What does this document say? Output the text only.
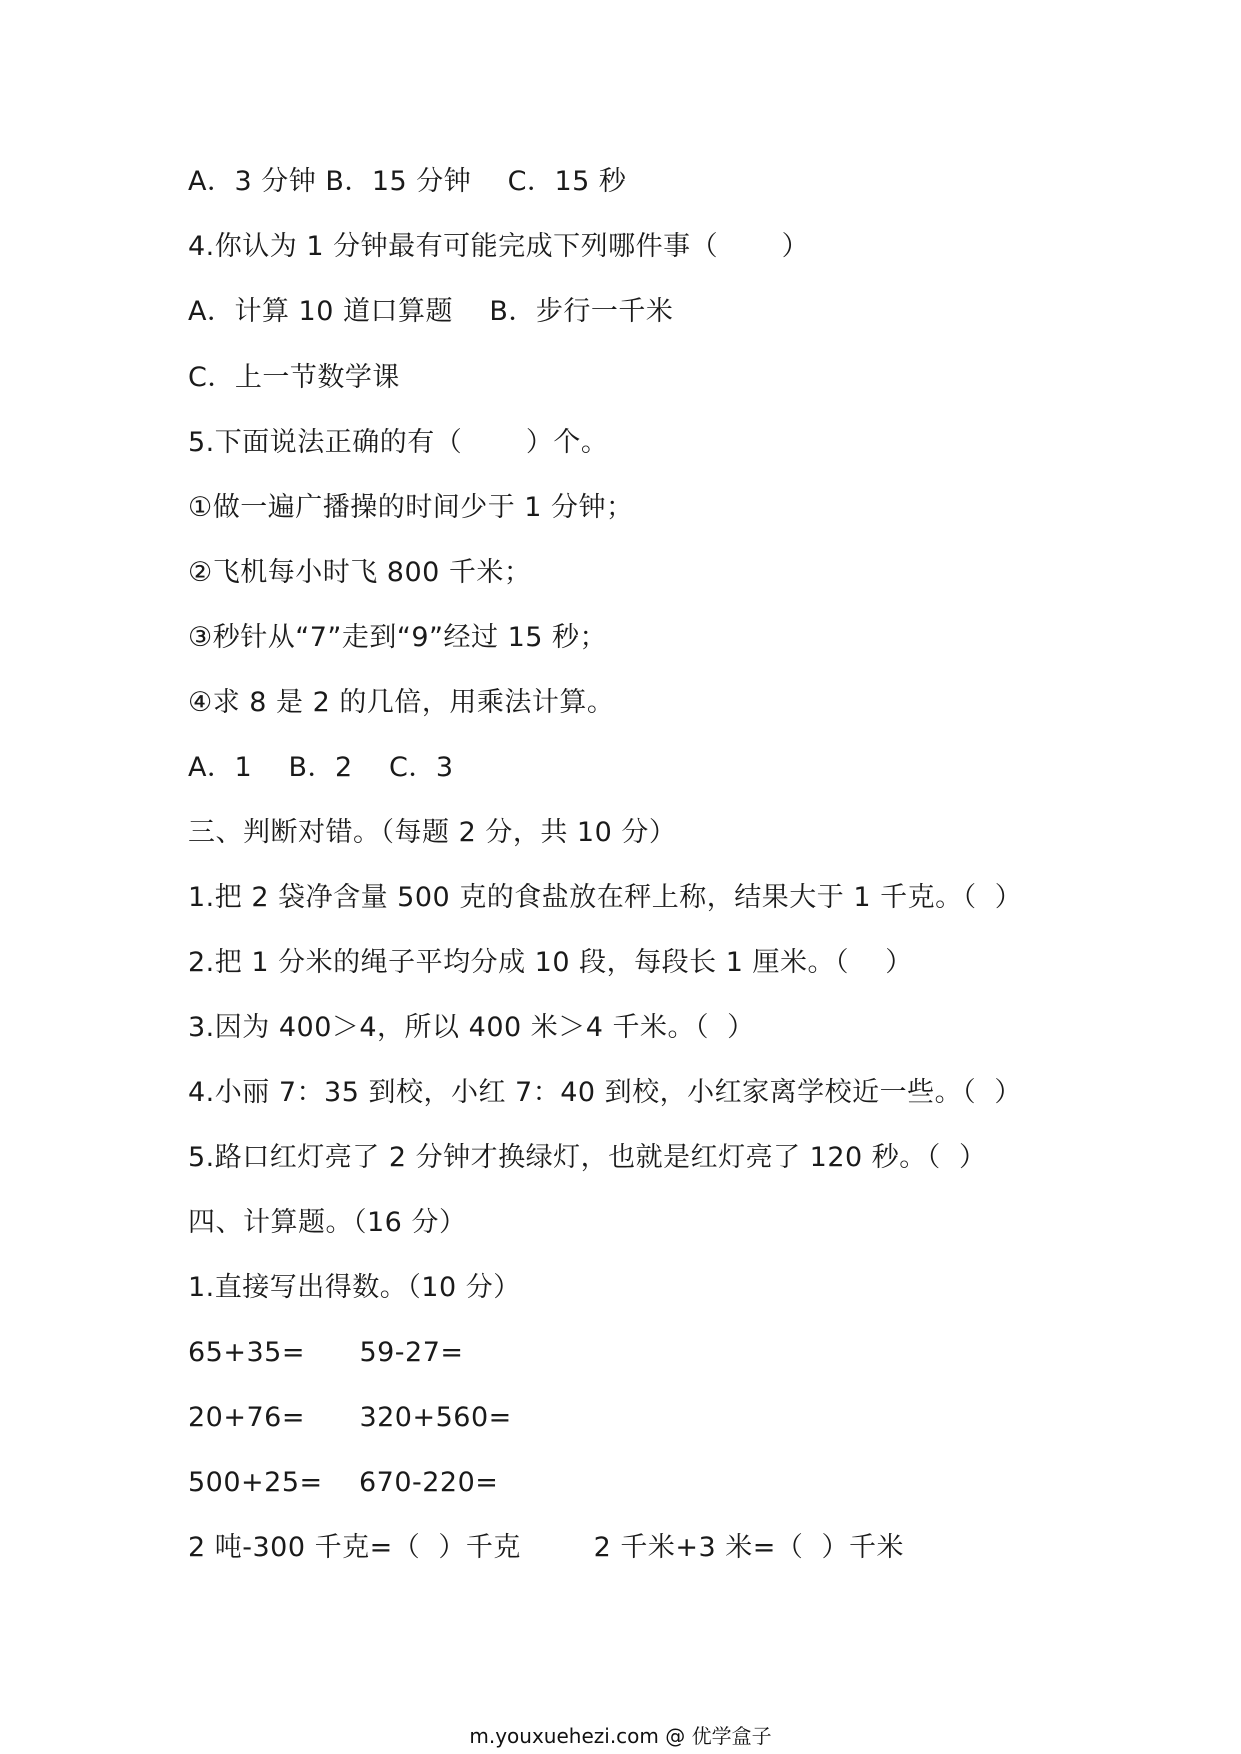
A．3 分钟 B．15 分钟    C．15 秒
4.你认为 1 分钟最有可能完成下列哪件事（       ）
A．计算 10 道口算题    B．步行一千米
C．上一节数学课
5.下面说法正确的有（       ）个。
①做一遍广播操的时间少于 1 分钟；
②飞机每小时飞 800 千米；
③秒针从“7”走到“9”经过 15 秒；
④求 8 是 2 的几倍，用乘法计算。
A．1    B．2    C．3
三、判断对错。（每题 2 分，共 10 分）
1.把 2 袋净含量 500 克的食盐放在秤上称，结果大于 1 千克。（  ）
2.把 1 分米的绳子平均分成 10 段，每段长 1 厘米。（    ）
3.因为 400＞4，所以 400 米＞4 千米。（  ）
4.小丽 7：35 到校，小红 7：40 到校，小红家离学校近一些。（  ）
5.路口红灯亮了 2 分钟才换绿灯，也就是红灯亮了 120 秒。（  ）
四、计算题。（16 分）
1.直接写出得数。（10 分）
65+35=      59-27=
20+76=      320+560=
500+25=    670-220=
2 吨-300 千克=（  ）千克        2 千米+3 米=（  ）千米
m.youxuehezi.com @ 优学盒子
